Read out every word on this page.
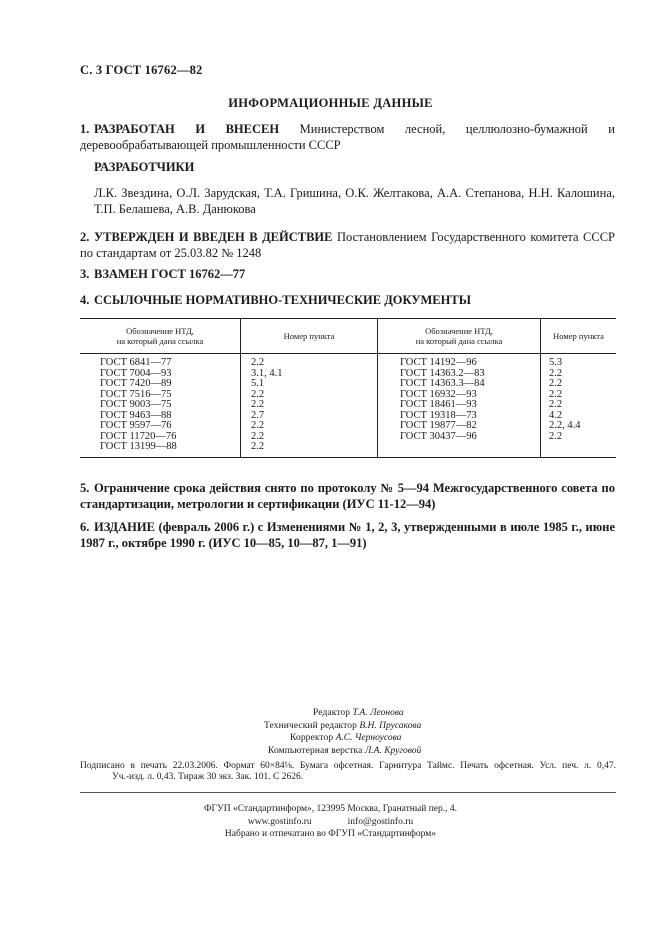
С. 3 ГОСТ 16762—82
ИНФОРМАЦИОННЫЕ ДАННЫЕ
1. РАЗРАБОТАН И ВНЕСЕН Министерством лесной, целлюлозно-бумажной и деревообрабатывающей промышленности СССР
РАЗРАБОТЧИКИ
Л.К. Звездина, О.Л. Зарудская, Т.А. Гришина, О.К. Желтакова, А.А. Степанова, Н.Н. Калошина, Т.П. Белашева, А.В. Данюкова
2. УТВЕРЖДЕН И ВВЕДЕН В ДЕЙСТВИЕ Постановлением Государственного комитета СССР по стандартам от 25.03.82 № 1248
3. ВЗАМЕН ГОСТ 16762—77
4. ССЫЛОЧНЫЕ НОРМАТИВНО-ТЕХНИЧЕСКИЕ ДОКУМЕНТЫ
Обозначение НТД,
на который дана ссылка	Номер пункта	Обозначение НТД,
на который дана ссылка	Номер пункта
ГОСТ 6841—77	2.2	ГОСТ 14192—96	5.3
ГОСТ 7004—93	3.1, 4.1	ГОСТ 14363.2—83	2.2
ГОСТ 7420—89	5.1	ГОСТ 14363.3—84	2.2
ГОСТ 7516—75	2.2	ГОСТ 16932—93	2.2
ГОСТ 9003—75	2.2	ГОСТ 18461—93	2.2
ГОСТ 9463—88	2.7	ГОСТ 19318—73	4.2
ГОСТ 9597—76	2.2	ГОСТ 19877—82	2.2, 4.4
ГОСТ 11720—76	2.2	ГОСТ 30437—96	2.2
ГОСТ 13199—88	2.2		
5. Ограничение срока действия снято по протоколу № 5—94 Межгосударственного совета по стандартизации, метрологии и сертификации (ИУС 11-12—94)
6. ИЗДАНИЕ (февраль 2006 г.) с Изменениями № 1, 2, 3, утвержденными в июле 1985 г., июне 1987 г., октябре 1990 г. (ИУС 10—85, 10—87, 1—91)
Редактор Т.А. Леонова
Технический редактор В.Н. Прусакова
Корректор А.С. Черноусова
Компьютерная верстка Л.А. Круговой
Подписано в печать 22.03.2006. Формат 60×84⅛. Бумага офсетная. Гарнитура Таймс. Печать офсетная. Усл. печ. л. 0,47.
Уч.-изд. л. 0,43. Тираж 30 экз. Зак. 101. С 2626.
ФГУП «Стандартинформ», 123995 Москва, Гранатный пер., 4.
www.gostinfo.ru	info@gostinfo.ru
Набрано и отпечатано во ФГУП «Стандартинформ»
